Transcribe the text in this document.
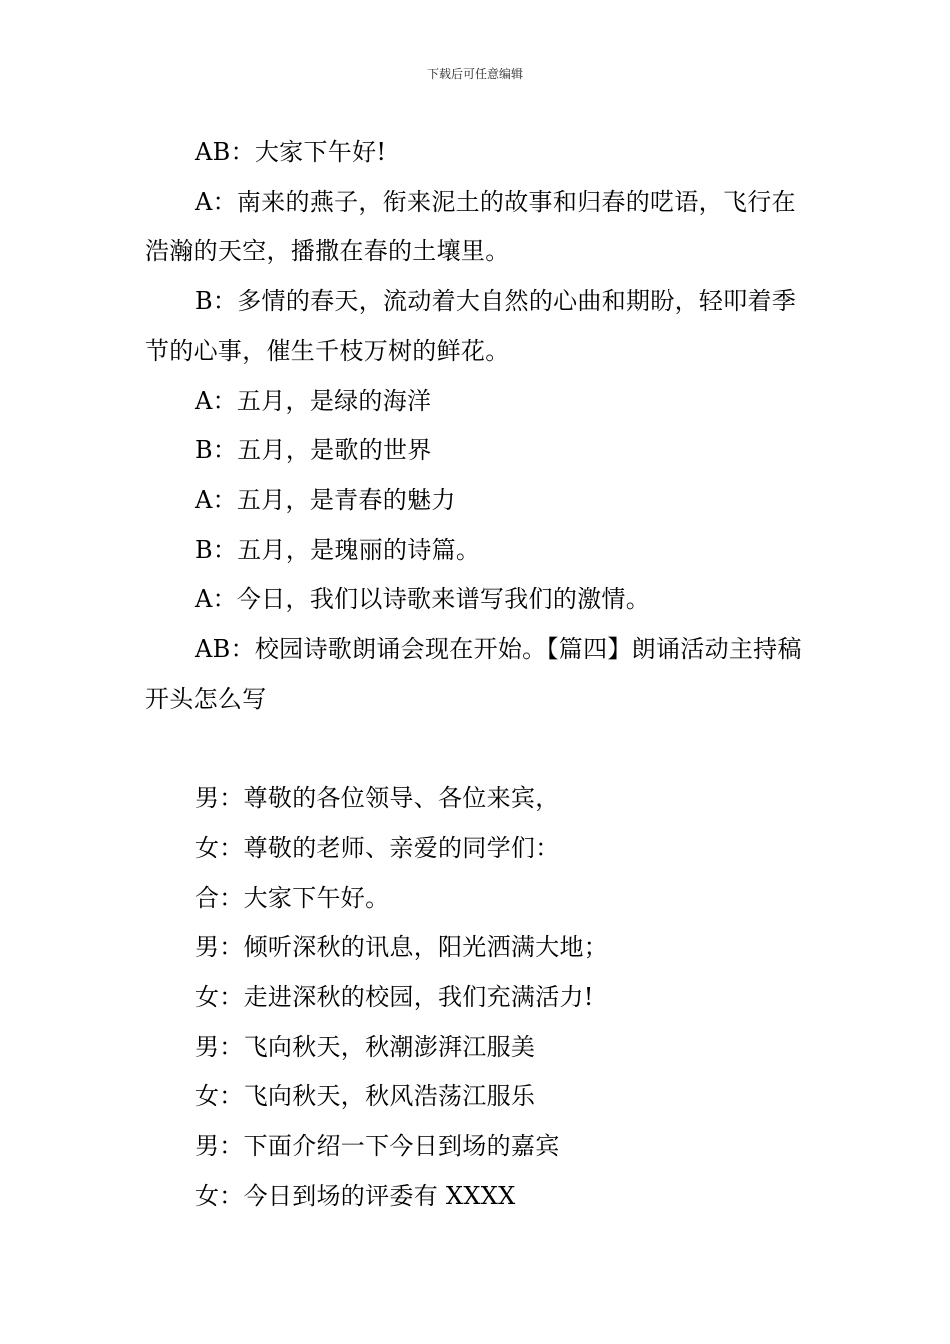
下载后可任意编辑

AB：大家下午好!

A：南来的燕子，衔来泥土的故事和归春的呓语，飞行在浩瀚的天空，播撒在春的土壤里。

B：多情的春天，流动着大自然的心曲和期盼，轻叩着季节的心事，催生千枝万树的鲜花。

A：五月，是绿的海洋

B：五月，是歌的世界

A：五月，是青春的魅力

B：五月，是瑰丽的诗篇。

A：今日，我们以诗歌来谱写我们的激情。

AB：校园诗歌朗诵会现在开始。【篇四】朗诵活动主持稿开头怎么写

男：尊敬的各位领导、各位来宾，

女：尊敬的老师、亲爱的同学们：

合：大家下午好。

男：倾听深秋的讯息，阳光洒满大地；

女：走进深秋的校园，我们充满活力!

男：飞向秋天，秋潮澎湃江服美

女：飞向秋天，秋风浩荡江服乐

男：下面介绍一下今日到场的嘉宾

女：今日到场的评委有 XXXX
